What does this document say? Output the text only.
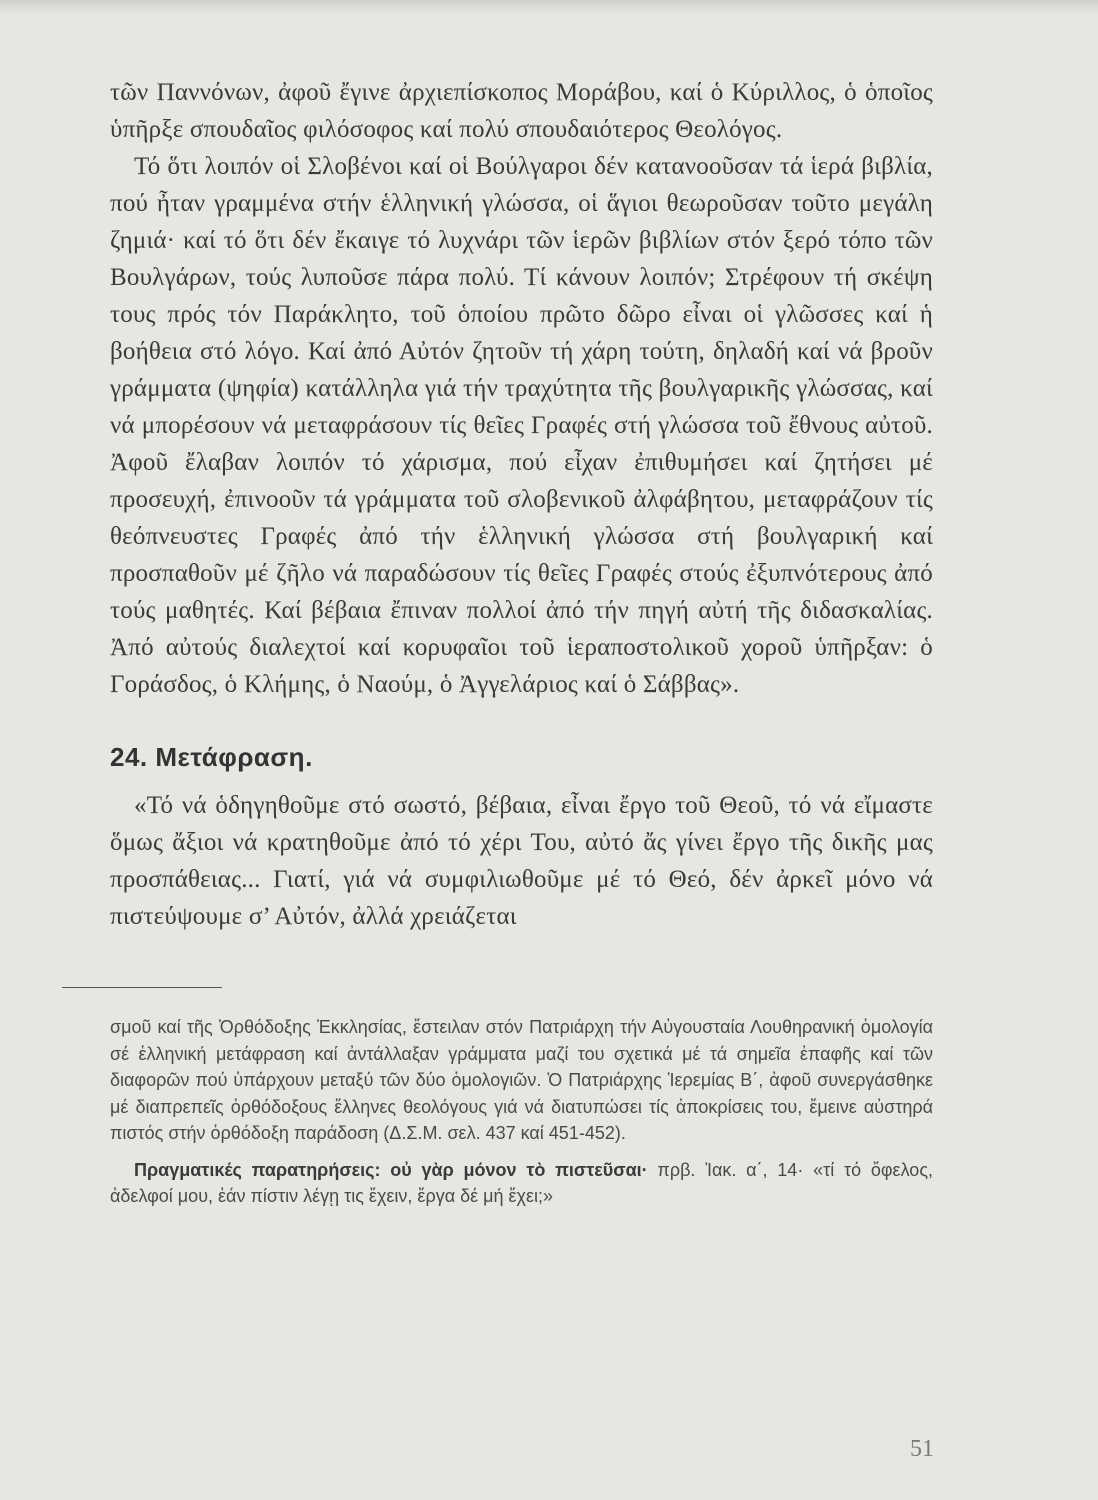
τῶν Παννόνων, ἀφοῦ ἔγινε ἀρχιεπίσκοπος Μοράβου, καί ὁ Κύριλλος, ὁ ὁποῖος ὑπῆρξε σπουδαῖος φιλόσοφος καί πολύ σπουδαιότερος Θεολόγος.

Τό ὅτι λοιπόν οἱ Σλοβένοι καί οἱ Βούλγαροι δέν κατανοοῦσαν τά ἱερά βιβλία, πού ἦταν γραμμένα στήν ἑλληνική γλώσσα, οἱ ἅγιοι θεωροῦσαν τοῦτο μεγάλη ζημιά· καί τό ὅτι δέν ἔκαιγε τό λυχνάρι τῶν ἱερῶν βιβλίων στόν ξερό τόπο τῶν Βουλγάρων, τούς λυποῦσε πάρα πολύ. Τί κάνουν λοιπόν; Στρέφουν τή σκέψη τους πρός τόν Παράκλητο, τοῦ ὁποίου πρῶτο δῶρο εἶναι οἱ γλῶσσες καί ἡ βοήθεια στό λόγο. Καί ἀπό Αὐτόν ζητοῦν τή χάρη τούτη, δηλαδή καί νά βροῦν γράμματα (ψηφία) κατάλληλα γιά τήν τραχύτητα τῆς βουλγαρικῆς γλώσσας, καί νά μπορέσουν νά μεταφράσουν τίς θεῖες Γραφές στή γλώσσα τοῦ ἔθνους αὐτοῦ. Ἀφοῦ ἔλαβαν λοιπόν τό χάρισμα, πού εἶχαν ἐπιθυμήσει καί ζητήσει μέ προσευχή, ἐπινοοῦν τά γράμματα τοῦ σλοβενικοῦ ἀλφάβητου, μεταφράζουν τίς θεόπνευστες Γραφές ἀπό τήν ἑλληνική γλώσσα στή βουλγαρική καί προσπαθοῦν μέ ζῆλο νά παραδώσουν τίς θεῖες Γραφές στούς ἐξυπνότερους ἀπό τούς μαθητές. Καί βέβαια ἔπιναν πολλοί ἀπό τήν πηγή αὐτή τῆς διδασκαλίας. Ἀπό αὐτούς διαλεχτοί καί κορυφαῖοι τοῦ ἱεραποστολικοῦ χοροῦ ὑπῆρξαν: ὁ Γοράσδος, ὁ Κλήμης, ὁ Ναούμ, ὁ Ἀγγελάριος καί ὁ Σάββας».

24. Μετάφραση.

«Τό νά ὁδηγηθοῦμε στό σωστό, βέβαια, εἶναι ἔργο τοῦ Θεοῦ, τό νά εἴμαστε ὅμως ἄξιοι νά κρατηθοῦμε ἀπό τό χέρι Του, αὐτό ἄς γίνει ἔργο τῆς δικῆς μας προσπάθειας... Γιατί, γιά νά συμφιλιωθοῦμε μέ τό Θεό, δέν ἀρκεῖ μόνο νά πιστεύψουμε σ’ Αὐτόν, ἀλλά χρειάζεται

σμοῦ καί τῆς Ὀρθόδοξης Ἐκκλησίας, ἔστειλαν στόν Πατριάρχη τήν Αὐγουσταία Λουθηρανική ὁμολογία σέ ἑλληνική μετάφραση καί ἀντάλλαξαν γράμματα μαζί του σχετικά μέ τά σημεῖα ἐπαφῆς καί τῶν διαφορῶν πού ὑπάρχουν μεταξύ τῶν δύο ὁμολογιῶν. Ὁ Πατριάρχης Ἱερεμίας Β΄, ἀφοῦ συνεργάσθηκε μέ διαπρεπεῖς ὀρθόδοξους ἕλληνες θεολόγους γιά νά διατυπώσει τίς ἀποκρίσεις του, ἔμεινε αὐστηρά πιστός στήν ὀρθόδοξη παράδοση (Δ.Σ.Μ. σελ. 437 καί 451-452).

Πραγματικές παρατηρήσεις: οὐ γὰρ μόνον τὸ πιστεῦσαι· πρβ. Ἰακ. α΄, 14· «τί τό ὄφελος, ἀδελφοί μου, ἐάν πίστιν λέγῃ τις ἔχειν, ἔργα δέ μή ἔχει;»

51
